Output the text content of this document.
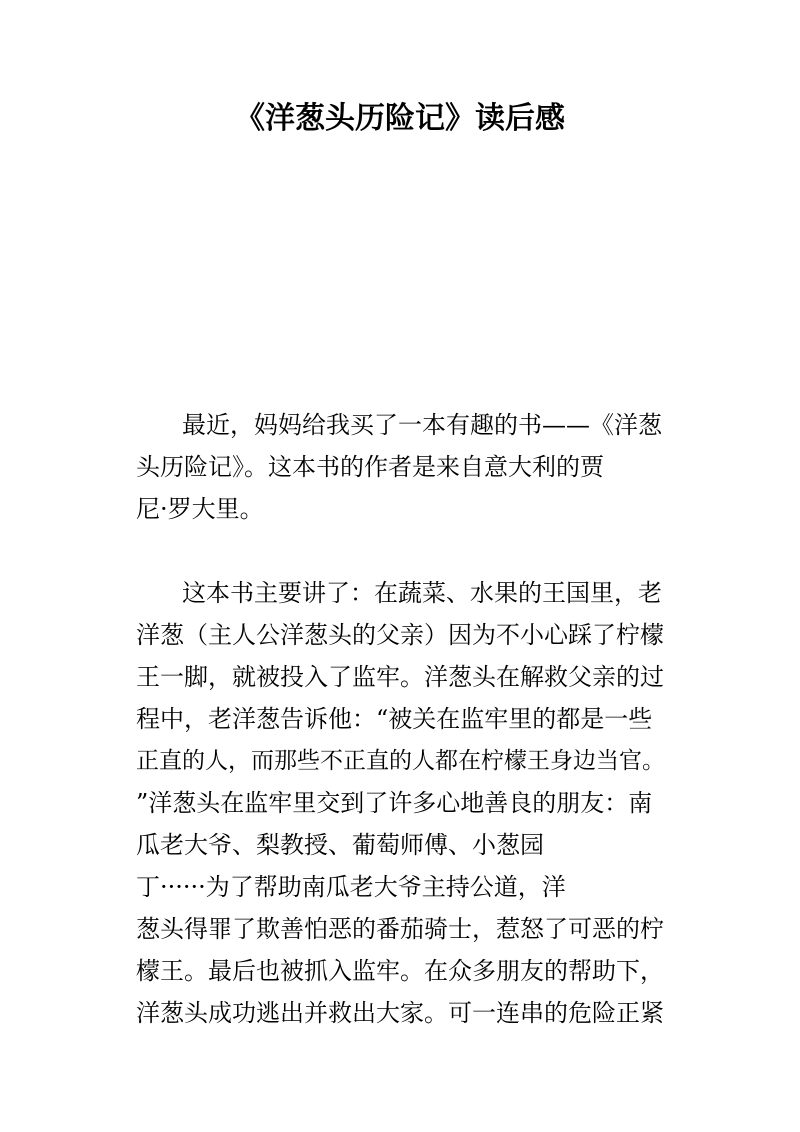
《洋葱头历险记》读后感
最近，妈妈给我买了一本有趣的书——《洋葱
头历险记》。这本书的作者是来自意大利的贾
尼·罗大里。
这本书主要讲了：在蔬菜、水果的王国里，老
洋葱（主人公洋葱头的父亲）因为不小心踩了柠檬
王一脚，就被投入了监牢。洋葱头在解救父亲的过
程中，老洋葱告诉他：“被关在监牢里的都是一些
正直的人，而那些不正直的人都在柠檬王身边当官。
”洋葱头在监牢里交到了许多心地善良的朋友：南
瓜老大爷、梨教授、葡萄师傅、小葱园
丁······为了帮助南瓜老大爷主持公道，洋
葱头得罪了欺善怕恶的番茄骑士，惹怒了可恶的柠
檬王。最后也被抓入监牢。在众多朋友的帮助下，
洋葱头成功逃出并救出大家。可一连串的危险正紧
